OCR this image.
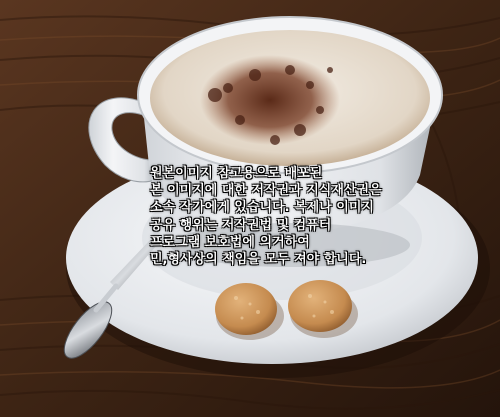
원본이미지 참고용으로 배포된
본 이미지에 대한 저작권과 지식재산권은
소속 작가에게 있습니다. 복제나 이미지
공유 행위는 저작권법 및 컴퓨터
프로그램 보호법에 의거하여
민,형사상의 책임을 모두 져야 합니다.
